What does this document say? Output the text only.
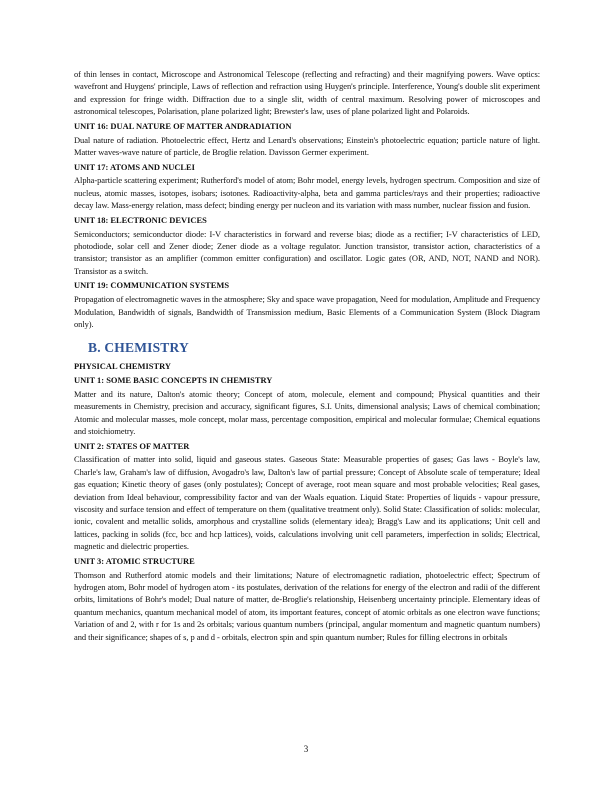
of thin lenses in contact, Microscope and Astronomical Telescope (reflecting and refracting) and their magnifying powers. Wave optics: wavefront and Huygens' principle, Laws of reflection and refraction using Huygen's principle. Interference, Young's double slit experiment and expression for fringe width. Diffraction due to a single slit, width of central maximum. Resolving power of microscopes and astronomical telescopes, Polarisation, plane polarized light; Brewster's law, uses of plane polarized light and Polaroids.

UNIT 16: DUAL NATURE OF MATTER ANDRADIATION

Dual nature of radiation. Photoelectric effect, Hertz and Lenard's observations; Einstein's photoelectric equation; particle nature of light. Matter waves-wave nature of particle, de Broglie relation. Davisson Germer experiment.

UNIT 17: ATOMS AND NUCLEI

Alpha-particle scattering experiment; Rutherford's model of atom; Bohr model, energy levels, hydrogen spectrum. Composition and size of nucleus, atomic masses, isotopes, isobars; isotones. Radioactivity-alpha, beta and gamma particles/rays and their properties; radioactive decay law. Mass-energy relation, mass defect; binding energy per nucleon and its variation with mass number, nuclear fission and fusion.

UNIT 18: ELECTRONIC DEVICES

Semiconductors; semiconductor diode: I-V characteristics in forward and reverse bias; diode as a rectifier; I-V characteristics of LED, photodiode, solar cell and Zener diode; Zener diode as a voltage regulator. Junction transistor, transistor action, characteristics of a transistor; transistor as an amplifier (common emitter configuration) and oscillator. Logic gates (OR, AND, NOT, NAND and NOR). Transistor as a switch.

UNIT 19: COMMUNICATION SYSTEMS

Propagation of electromagnetic waves in the atmosphere; Sky and space wave propagation, Need for modulation, Amplitude and Frequency Modulation, Bandwidth of signals, Bandwidth of Transmission medium, Basic Elements of a Communication System (Block Diagram only).

B. CHEMISTRY
PHYSICAL CHEMISTRY
UNIT 1: SOME BASIC CONCEPTS IN CHEMISTRY

Matter and its nature, Dalton's atomic theory; Concept of atom, molecule, element and compound; Physical quantities and their measurements in Chemistry, precision and accuracy, significant figures, S.I. Units, dimensional analysis; Laws of chemical combination; Atomic and molecular masses, mole concept, molar mass, percentage composition, empirical and molecular formulae; Chemical equations and stoichiometry.

UNIT 2: STATES OF MATTER

Classification of matter into solid, liquid and gaseous states. Gaseous State: Measurable properties of gases; Gas laws - Boyle's law, Charle's law, Graham's law of diffusion, Avogadro's law, Dalton's law of partial pressure; Concept of Absolute scale of temperature; Ideal gas equation; Kinetic theory of gases (only postulates); Concept of average, root mean square and most probable velocities; Real gases, deviation from Ideal behaviour, compressibility factor and van der Waals equation. Liquid State: Properties of liquids - vapour pressure, viscosity and surface tension and effect of temperature on them (qualitative treatment only). Solid State: Classification of solids: molecular, ionic, covalent and metallic solids, amorphous and crystalline solids (elementary idea); Bragg's Law and its applications; Unit cell and lattices, packing in solids (fcc, bcc and hcp lattices), voids, calculations involving unit cell parameters, imperfection in solids; Electrical, magnetic and dielectric properties.

UNIT 3: ATOMIC STRUCTURE

Thomson and Rutherford atomic models and their limitations; Nature of electromagnetic radiation, photoelectric effect; Spectrum of hydrogen atom, Bohr model of hydrogen atom - its postulates, derivation of the relations for energy of the electron and radii of the different orbits, limitations of Bohr's model; Dual nature of matter, de-Broglie's relationship, Heisenberg uncertainty principle. Elementary ideas of quantum mechanics, quantum mechanical model of atom, its important features, concept of atomic orbitals as one electron wave functions; Variation of and 2, with r for 1s and 2s orbitals; various quantum numbers (principal, angular momentum and magnetic quantum numbers) and their significance; shapes of s, p and d - orbitals, electron spin and spin quantum number; Rules for filling electrons in orbitals

3
